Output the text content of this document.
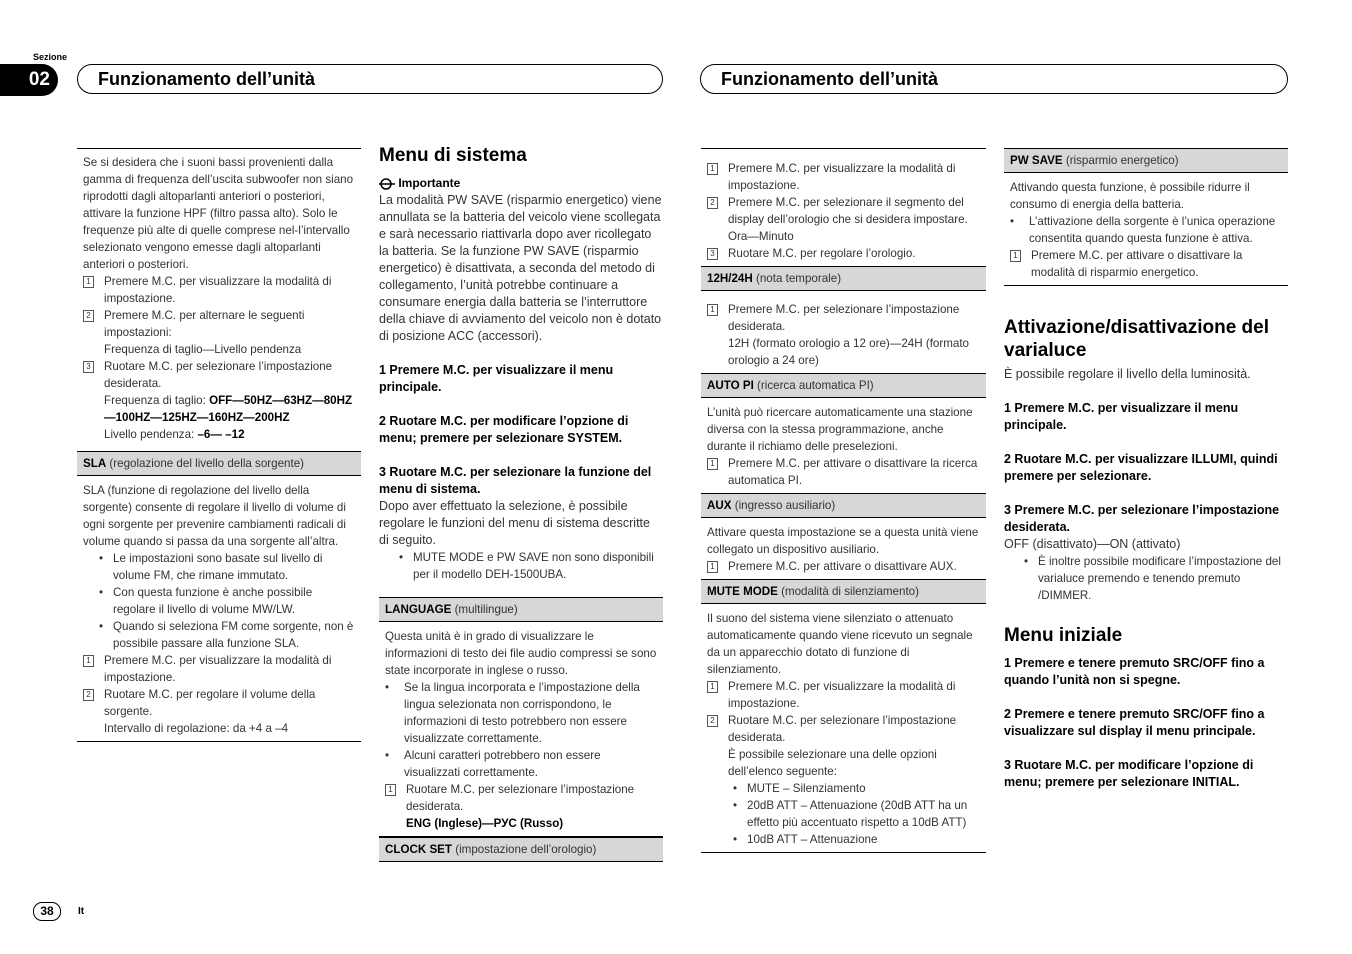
Sezione
02	Funzionamento dell’unità	Funzionamento dell’unità

Se si desidera che i suoni bassi provenienti dalla gamma di frequenza dell’uscita subwoofer non siano riprodotti dagli altoparlanti anteriori o posteriori, attivare la funzione HPF (filtro passa alto). Solo le frequenze più alte di quelle comprese nel-l’intervallo selezionato vengono emesse dagli altoparlanti anteriori o posteriori.

1 Premere M.C. per visualizzare la modalità di impostazione.
2 Premere M.C. per alternare le seguenti impostazioni:
Frequenza di taglio—Livello pendenza
3 Ruotare M.C. per selezionare l’impostazione desiderata.
Frequenza di taglio: OFF—50HZ—63HZ—80HZ—100HZ—125HZ—160HZ—200HZ
Livello pendenza: –6— –12
SLA (regolazione del livello della sorgente)

SLA (funzione di regolazione del livello della sorgente) consente di regolare il livello di volume di ogni sorgente per prevenire cambiamenti radicali di volume quando si passa da una sorgente all’altra.

• Le impostazioni sono basate sul livello di volume FM, che rimane immutato.
• Con questa funzione è anche possibile regolare il livello di volume MW/LW.
• Quando si seleziona FM come sorgente, non è possibile passare alla funzione SLA.
1 Premere M.C. per visualizzare la modalità di impostazione.
2 Ruotare M.C. per regolare il volume della sorgente.
Intervallo di regolazione: da +4 a –4

Menu di sistema

Importante

La modalità PW SAVE (risparmio energetico) viene annullata se la batteria del veicolo viene scollegata e sarà necessario riattivarla dopo aver ricollegato la batteria. Se la funzione PW SAVE (risparmio energetico) è disattivata, a seconda del metodo di collegamento, l’unità potrebbe continuare a consumare energia dalla batteria se l’interruttore della chiave di avviamento del veicolo non è dotato di posizione ACC (accessori).

1 Premere M.C. per visualizzare il menu principale.

2 Ruotare M.C. per modificare l’opzione di menu; premere per selezionare SYSTEM.

3 Ruotare M.C. per selezionare la funzione del menu di sistema.

Dopo aver effettuato la selezione, è possibile regolare le funzioni del menu di sistema descritte di seguito.

• MUTE MODE e PW SAVE non sono disponibili per il modello DEH-1500UBA.
LANGUAGE (multilingue)

Questa unità è in grado di visualizzare le informazioni di testo dei file audio compressi se sono state incorporate in inglese o russo.

•	Se la lingua incorporata e l’impostazione della lingua selezionata non corrispondono, le informazioni di testo potrebbero non essere visualizzate correttamente.
•	Alcuni caratteri potrebbero non essere visualizzati correttamente.
1 Ruotare M.C. per selezionare l’impostazione desiderata.
ENG (Inglese)—РУС (Russo)
CLOCK SET (impostazione dell’orologio)
1 Premere M.C. per visualizzare la modalità di impostazione.
2 Premere M.C. per selezionare il segmento del display dell’orologio che si desidera impostare.
Ora—Minuto
3 Ruotare M.C. per regolare l’orologio.
12H/24H (nota temporale)
1 Premere M.C. per selezionare l’impostazione desiderata.
12H (formato orologio a 12 ore)—24H (formato orologio a 24 ore)
AUTO PI (ricerca automatica PI)

L’unità può ricercare automaticamente una stazione diversa con la stessa programmazione, anche durante il richiamo delle preselezioni.

1 Premere M.C. per attivare o disattivare la ricerca automatica PI.
AUX (ingresso ausiliario)

Attivare questa impostazione se a questa unità viene collegato un dispositivo ausiliario.

1 Premere M.C. per attivare o disattivare AUX.
MUTE MODE (modalità di silenziamento)

Il suono del sistema viene silenziato o attenuato automaticamente quando viene ricevuto un segnale da un apparecchio dotato di funzione di silenziamento.

1 Premere M.C. per visualizzare la modalità di impostazione.
2 Ruotare M.C. per selezionare l’impostazione desiderata.
È possibile selezionare una delle opzioni dell’elenco seguente:
• MUTE – Silenziamento
• 20dB ATT – Attenuazione (20dB ATT ha un effetto più accentuato rispetto a 10dB ATT)
• 10dB ATT – Attenuazione
PW SAVE (risparmio energetico)

Attivando questa funzione, è possibile ridurre il consumo di energia della batteria.

•	L’attivazione della sorgente è l’unica operazione consentita quando questa funzione è attiva.
1 Premere M.C. per attivare o disattivare la modalità di risparmio energetico.

Attivazione/disattivazione del varialuce

È possibile regolare il livello della luminosità.

1 Premere M.C. per visualizzare il menu principale.

2 Ruotare M.C. per visualizzare ILLUMI, quindi premere per selezionare.

3 Premere M.C. per selezionare l’impostazione desiderata.

OFF (disattivato)—ON (attivato)

• È inoltre possibile modificare l’impostazione del varialuce premendo e tenendo premuto /DIMMER.

Menu iniziale

1 Premere e tenere premuto SRC/OFF fino a quando l’unità non si spegne.

2 Premere e tenere premuto SRC/OFF fino a visualizzare sul display il menu principale.

3 Ruotare M.C. per modificare l’opzione di menu; premere per selezionare INITIAL.

38	It
